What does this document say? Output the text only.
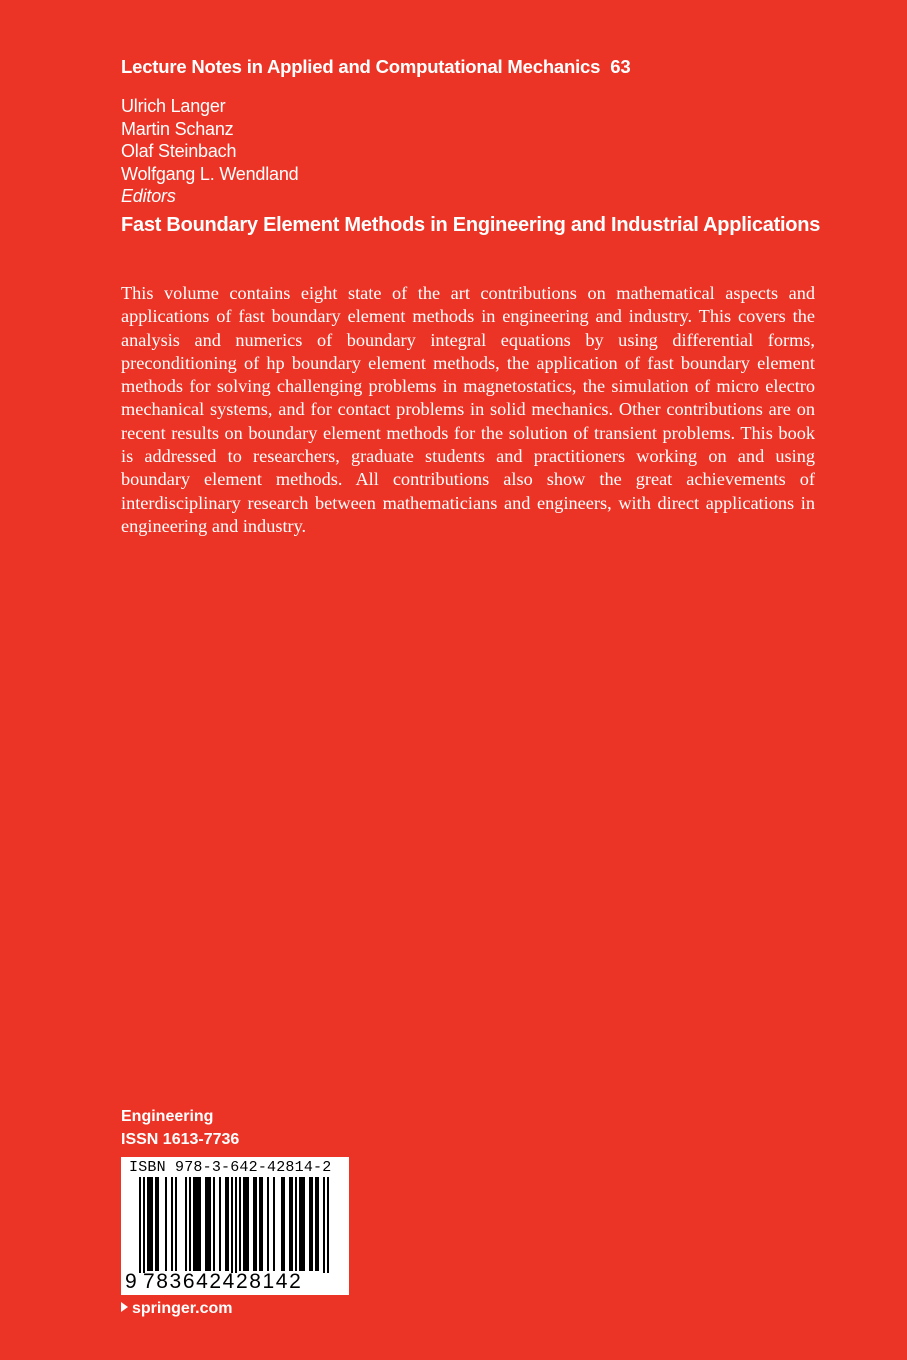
Lecture Notes in Applied and Computational Mechanics 63
Ulrich Langer
Martin Schanz
Olaf Steinbach
Wolfgang L. Wendland
Editors
Fast Boundary Element Methods in Engineering and Industrial Applications
This volume contains eight state of the art contributions on mathematical aspects and applications of fast boundary element methods in engineering and industry. This covers the analysis and numerics of boundary integral equations by using differential forms, preconditioning of hp boundary element methods, the application of fast boundary element methods for solving challenging problems in magnetostatics, the simulation of micro electro mechanical systems, and for contact problems in solid mechanics. Other contributions are on recent results on boundary element methods for the solution of transient problems. This book is addressed to researchers, graduate students and practitioners working on and using boundary element methods. All contributions also show the great achievements of interdisciplinary research between mathematicians and engineers, with direct applications in engineering and industry.
Engineering
ISSN 1613-7736
ISBN 978-3-642-42814-2
9 783642428142
springer.com
